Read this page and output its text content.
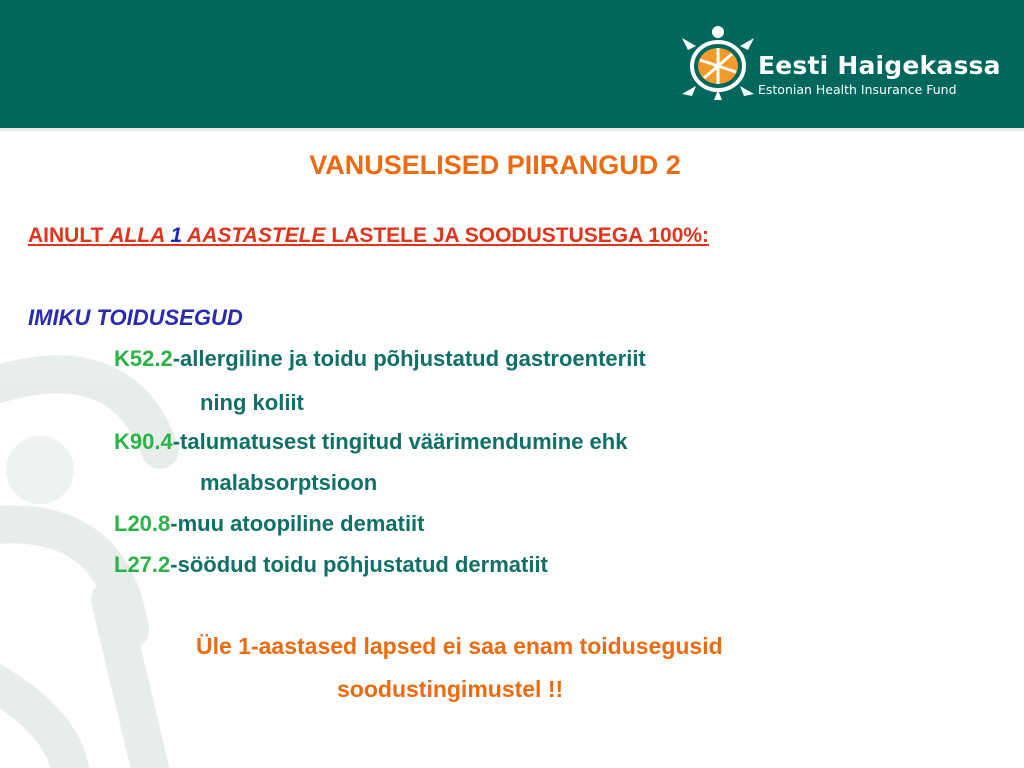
Eesti Haigekassa
Estonian Health Insurance Fund
VANUSELISED PIIRANGUD 2
AINULT ALLA 1 AASTASTELE LASTELE JA SOODUSTUSEGA 100%:
IMIKU TOIDUSEGUD
K52.2-allergiline ja toidu põhjustatud gastroenteriit
ning koliit
K90.4-talumatusest tingitud väärimendumine ehk
malabsorptsioon
L20.8-muu atoopiline dematiit
L27.2-söödud toidu põhjustatud dermatiit
Üle 1-aastased lapsed ei saa enam toidusegusid
soodustingimustel !!
